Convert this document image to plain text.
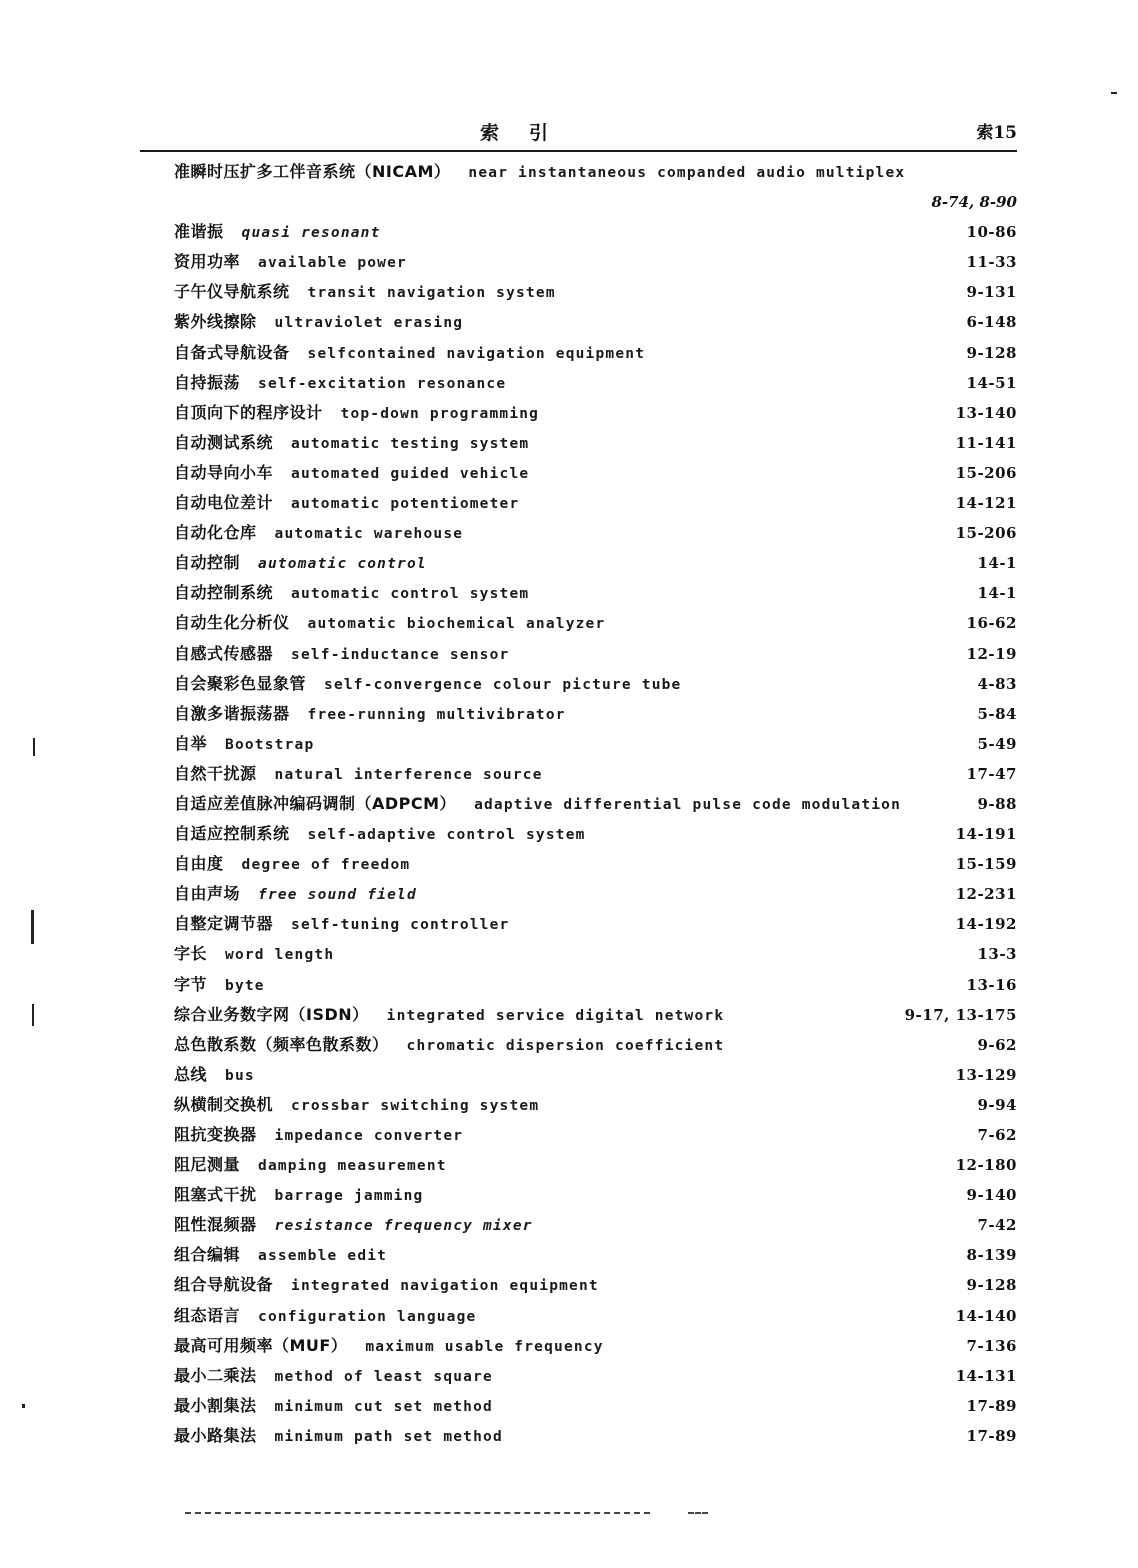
索引	索15
准瞬时压扩多工伴音系统（NICAM） near instantaneous companded audio multiplex
8-74, 8-90
准谐振 quasi resonant	10-86
资用功率 available power	11-33
子午仪导航系统 transit navigation system	9-131
紫外线擦除 ultraviolet erasing	6-148
自备式导航设备 selfcontained navigation equipment	9-128
自持振荡 self-excitation resonance	14-51
自顶向下的程序设计 top-down programming	13-140
自动测试系统 automatic testing system	11-141
自动导向小车 automated guided vehicle	15-206
自动电位差计 automatic potentiometer	14-121
自动化仓库 automatic warehouse	15-206
自动控制 automatic control	14-1
自动控制系统 automatic control system	14-1
自动生化分析仪 automatic biochemical analyzer	16-62
自感式传感器 self-inductance sensor	12-19
自会聚彩色显象管 self-convergence colour picture tube	4-83
自激多谐振荡器 free-running multivibrator	5-84
自举 Bootstrap	5-49
自然干扰源 natural interference source	17-47
自适应差值脉冲编码调制（ADPCM） adaptive differential pulse code modulation	9-88
自适应控制系统 self-adaptive control system	14-191
自由度 degree of freedom	15-159
自由声场 free sound field	12-231
自整定调节器 self-tuning controller	14-192
字长 word length	13-3
字节 byte	13-16
综合业务数字网（ISDN） integrated service digital network	9-17, 13-175
总色散系数（频率色散系数） chromatic dispersion coefficient	9-62
总线 bus	13-129
纵横制交换机 crossbar switching system	9-94
阻抗变换器 impedance converter	7-62
阻尼测量 damping measurement	12-180
阻塞式干扰 barrage jamming	9-140
阻性混频器 resistance frequency mixer	7-42
组合编辑 assemble edit	8-139
组合导航设备 integrated navigation equipment	9-128
组态语言 configuration language	14-140
最高可用频率（MUF） maximum usable frequency	7-136
最小二乘法 method of least square	14-131
最小割集法 minimum cut set method	17-89
最小路集法 minimum path set method	17-89
